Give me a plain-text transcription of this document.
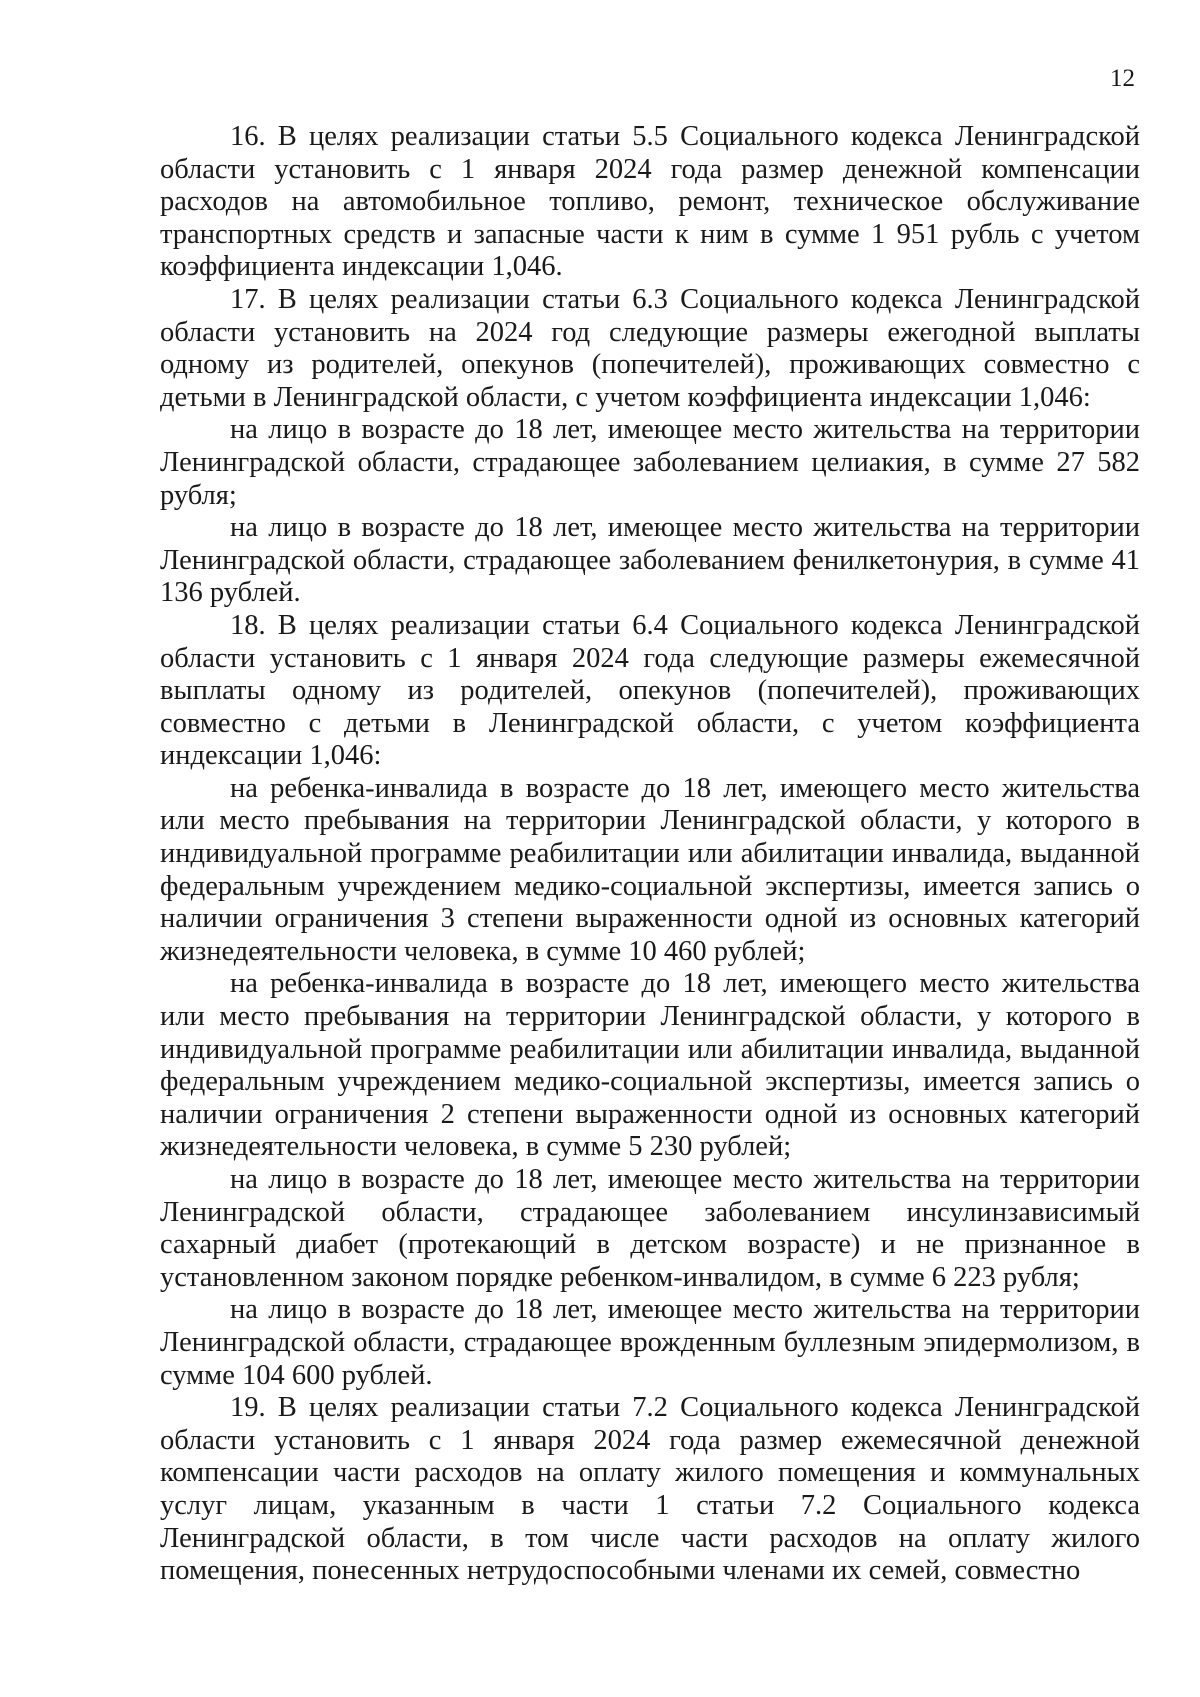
12

16. В целях реализации статьи 5.5 Социального кодекса Ленинградской области установить с 1 января 2024 года размер денежной компенсации расходов на автомобильное топливо, ремонт, техническое обслуживание транспортных средств и запасные части к ним в сумме 1 951 рубль с учетом коэффициента индексации 1,046.

17. В целях реализации статьи 6.3 Социального кодекса Ленинградской области установить на 2024 год следующие размеры ежегодной выплаты одному из родителей, опекунов (попечителей), проживающих совместно с детьми в Ленинградской области, с учетом коэффициента индексации 1,046:

на лицо в возрасте до 18 лет, имеющее место жительства на территории Ленинградской области, страдающее заболеванием целиакия, в сумме 27 582 рубля;

на лицо в возрасте до 18 лет, имеющее место жительства на территории Ленинградской области, страдающее заболеванием фенилкетонурия, в сумме 41 136 рублей.

18. В целях реализации статьи 6.4 Социального кодекса Ленинградской области установить с 1 января 2024 года следующие размеры ежемесячной выплаты одному из родителей, опекунов (попечителей), проживающих совместно с детьми в Ленинградской области, с учетом коэффициента индексации 1,046:

на ребенка-инвалида в возрасте до 18 лет, имеющего место жительства или место пребывания на территории Ленинградской области, у которого в индивидуальной программе реабилитации или абилитации инвалида, выданной федеральным учреждением медико-социальной экспертизы, имеется запись о наличии ограничения 3 степени выраженности одной из основных категорий жизнедеятельности человека, в сумме 10 460 рублей;

на ребенка-инвалида в возрасте до 18 лет, имеющего место жительства или место пребывания на территории Ленинградской области, у которого в индивидуальной программе реабилитации или абилитации инвалида, выданной федеральным учреждением медико-социальной экспертизы, имеется запись о наличии ограничения 2 степени выраженности одной из основных категорий жизнедеятельности человека, в сумме 5 230 рублей;

на лицо в возрасте до 18 лет, имеющее место жительства на территории Ленинградской области, страдающее заболеванием инсулинзависимый сахарный диабет (протекающий в детском возрасте) и не признанное в установленном законом порядке ребенком-инвалидом, в сумме 6 223 рубля;

на лицо в возрасте до 18 лет, имеющее место жительства на территории Ленинградской области, страдающее врожденным буллезным эпидермолизом, в сумме 104 600 рублей.

19. В целях реализации статьи 7.2 Социального кодекса Ленинградской области установить с 1 января 2024 года размер ежемесячной денежной компенсации части расходов на оплату жилого помещения и коммунальных услуг лицам, указанным в части 1 статьи 7.2 Социального кодекса Ленинградской области, в том числе части расходов на оплату жилого помещения, понесенных нетрудоспособными членами их семей, совместно
